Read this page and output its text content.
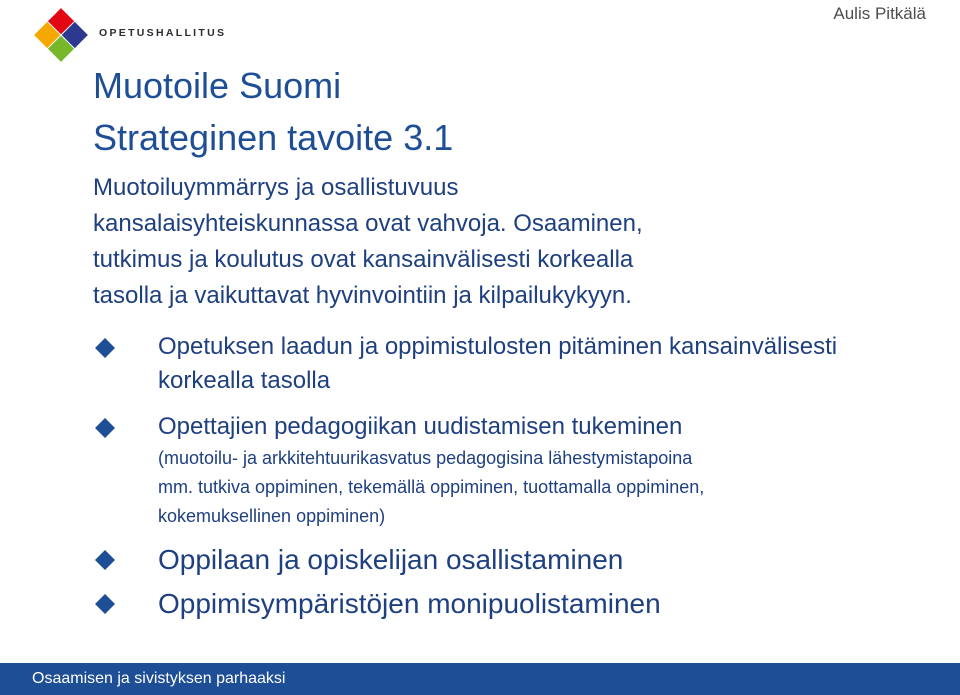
OPETUSHALLITUS
Aulis Pitkälä
Muotoile Suomi
Strateginen tavoite 3.1
Muotoiluymmärrys ja osallistuvuus
kansalaisyhteiskunnassa ovat vahvoja. Osaaminen,
tutkimus ja koulutus ovat kansainvälisesti korkealla
tasolla ja vaikuttavat hyvinvointiin ja kilpailukykyyn.
Opetuksen laadun ja oppimistulosten pitäminen kansainvälisesti korkealla tasolla
Opettajien pedagogiikan uudistamisen tukeminen
(muotoilu- ja arkkitehtuurikasvatus pedagogisina lähestymistapoina
mm. tutkiva oppiminen, tekemällä oppiminen, tuottamalla oppiminen,
kokemuksellinen oppiminen)
Oppilaan ja opiskelijan osallistaminen
Oppimisympäristöjen monipuolistaminen
Osaamisen ja sivistyksen parhaaksi
